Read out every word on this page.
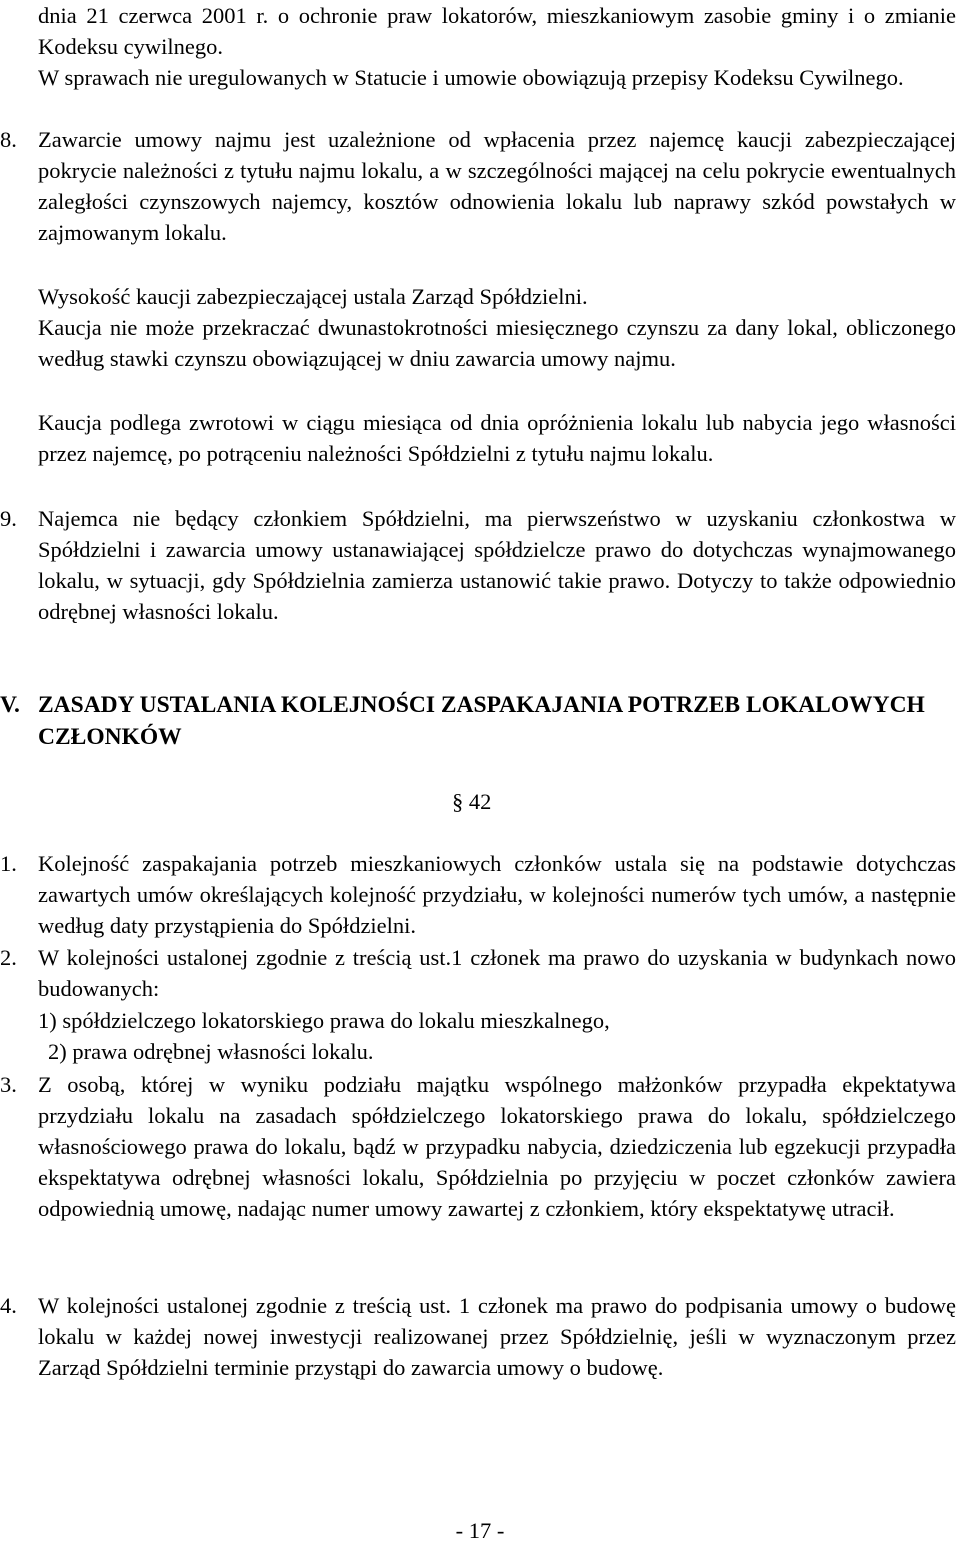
dnia 21 czerwca 2001 r. o ochronie praw lokatorów, mieszkaniowym zasobie gminy i o zmianie Kodeksu cywilnego.
W sprawach nie uregulowanych w Statucie i umowie obowiązują przepisy Kodeksu Cywilnego.
8. Zawarcie umowy najmu jest uzależnione od wpłacenia przez najemcę kaucji zabezpieczającej pokrycie należności z tytułu najmu lokalu, a w szczególności mającej na celu pokrycie ewentualnych zaległości czynszowych najemcy, kosztów odnowienia lokalu lub naprawy szkód powstałych w zajmowanym lokalu.
Wysokość kaucji zabezpieczającej ustala Zarząd Spółdzielni.
Kaucja nie może przekraczać dwunastokrotności miesięcznego czynszu za dany lokal, obliczonego według stawki czynszu obowiązującej w dniu zawarcia umowy najmu.
Kaucja podlega zwrotowi w ciągu miesiąca od dnia opróżnienia lokalu lub nabycia jego własności przez najemcę, po potrąceniu należności Spółdzielni z tytułu najmu lokalu.
9. Najemca nie będący członkiem Spółdzielni, ma pierwszeństwo w uzyskaniu członkostwa w Spółdzielni i zawarcia umowy ustanawiającej spółdzielcze prawo do dotychczas wynajmowanego lokalu, w sytuacji, gdy Spółdzielnia zamierza ustanowić takie prawo. Dotyczy to także odpowiednio odrębnej własności lokalu.
V. ZASADY USTALANIA KOLEJNOŚCI ZASPAKAJANIA POTRZEB LOKALOWYCH CZŁONKÓW
§ 42
1. Kolejność zaspakajania potrzeb mieszkaniowych członków ustala się na podstawie dotychczas zawartych umów określających kolejność przydziału, w kolejności numerów tych umów, a następnie według daty przystąpienia do Spółdzielni.
2. W kolejności ustalonej zgodnie z treścią ust.1 członek ma prawo do uzyskania w budynkach nowo budowanych:
1) spółdzielczego lokatorskiego prawa do lokalu mieszkalnego,
2) prawa odrębnej własności lokalu.
3. Z osobą, której w wyniku podziału majątku wspólnego małżonków przypadła ekpektatywa przydziału lokalu na zasadach spółdzielczego lokatorskiego prawa do lokalu, spółdzielczego własnościowego prawa do lokalu, bądź w przypadku nabycia, dziedziczenia lub egzekucji przypadła ekspektatywa odrębnej własności lokalu, Spółdzielnia po przyjęciu w poczet członków zawiera odpowiednią umowę, nadając numer umowy zawartej z członkiem, który ekspektatywę utracił.
4. W kolejności ustalonej zgodnie z treścią ust. 1 członek ma prawo do podpisania umowy o budowę lokalu w każdej nowej inwestycji realizowanej przez Spółdzielnię, jeśli w wyznaczonym przez Zarząd Spółdzielni terminie przystąpi do zawarcia umowy o budowę.
- 17 -
